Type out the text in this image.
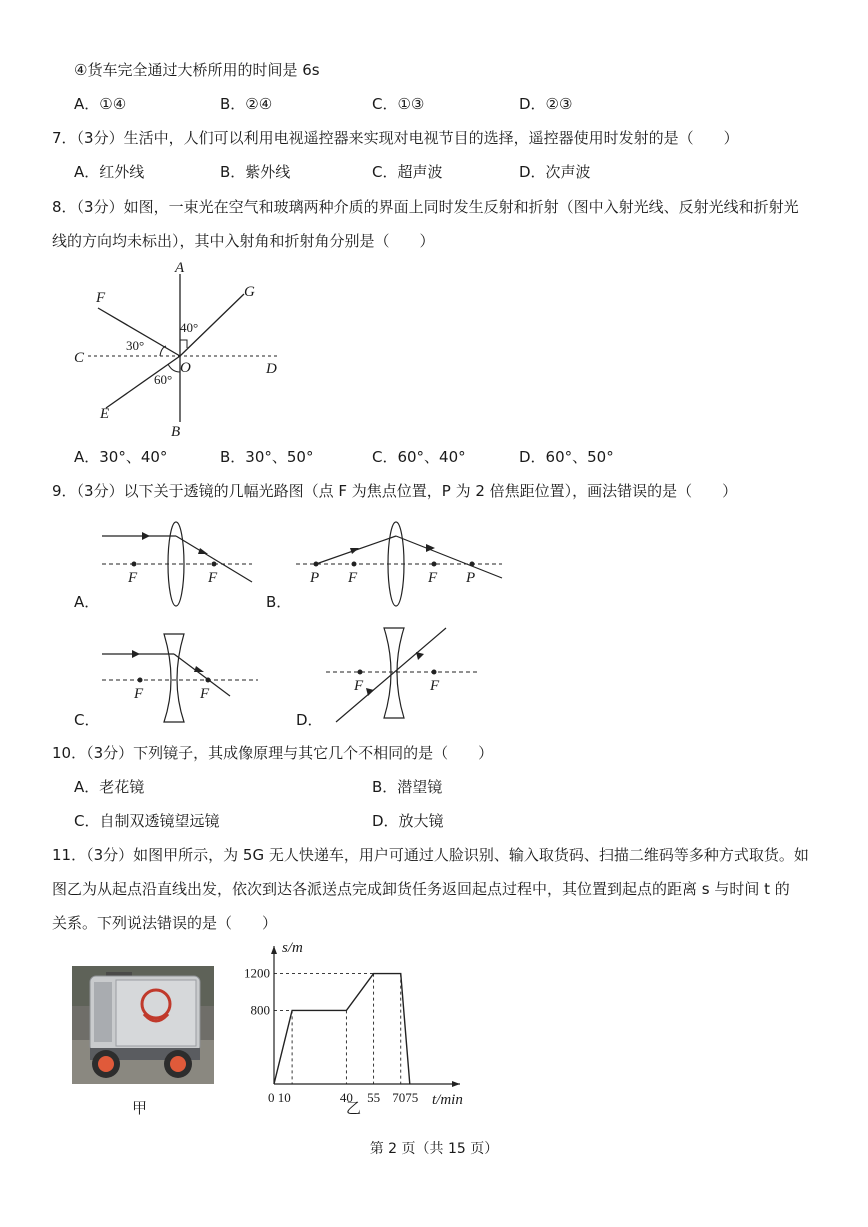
④货车完全通过大桥所用的时间是 6s
A．①④	B．②④	C．①③	D．②③
7．（3分）生活中，人们可以利用电视遥控器来实现对电视节目的选择，遥控器使用时发射的是（　　）
A．红外线	B．紫外线	C．超声波	D．次声波
8．（3分）如图，一束光在空气和玻璃两种介质的界面上同时发生反射和折射（图中入射光线、反射光线和折射光
线的方向均未标出），其中入射角和折射角分别是（　　）
A
B
C
D
E
F	G
O
40°
30°
60°
A．30°、40°	B．30°、50°	C．60°、40°	D．60°、50°
9．（3分）以下关于透镜的几幅光路图（点 F 为焦点位置，P 为 2 倍焦距位置），画法错误的是（　　）
F	F
A．
P F	F P
B．
F	F
C．
F	F
D．
10．（3分）下列镜子，其成像原理与其它几个不相同的是（　　）
A．老花镜	B．潜望镜
C．自制双透镜望远镜	D．放大镜
11．（3分）如图甲所示，为 5G 无人快递车，用户可通过人脸识别、输入取货码、扫描二维码等多种方式取货。如
图乙为从起点沿直线出发，依次到达各派送点完成卸货任务返回起点过程中，其位置到起点的距离 s 与时间 t 的
关系。下列说法错误的是（　　）
甲
s/m
t/min
800
1200
0 10	40 55 7075
乙
第 2 页（共 15 页）
